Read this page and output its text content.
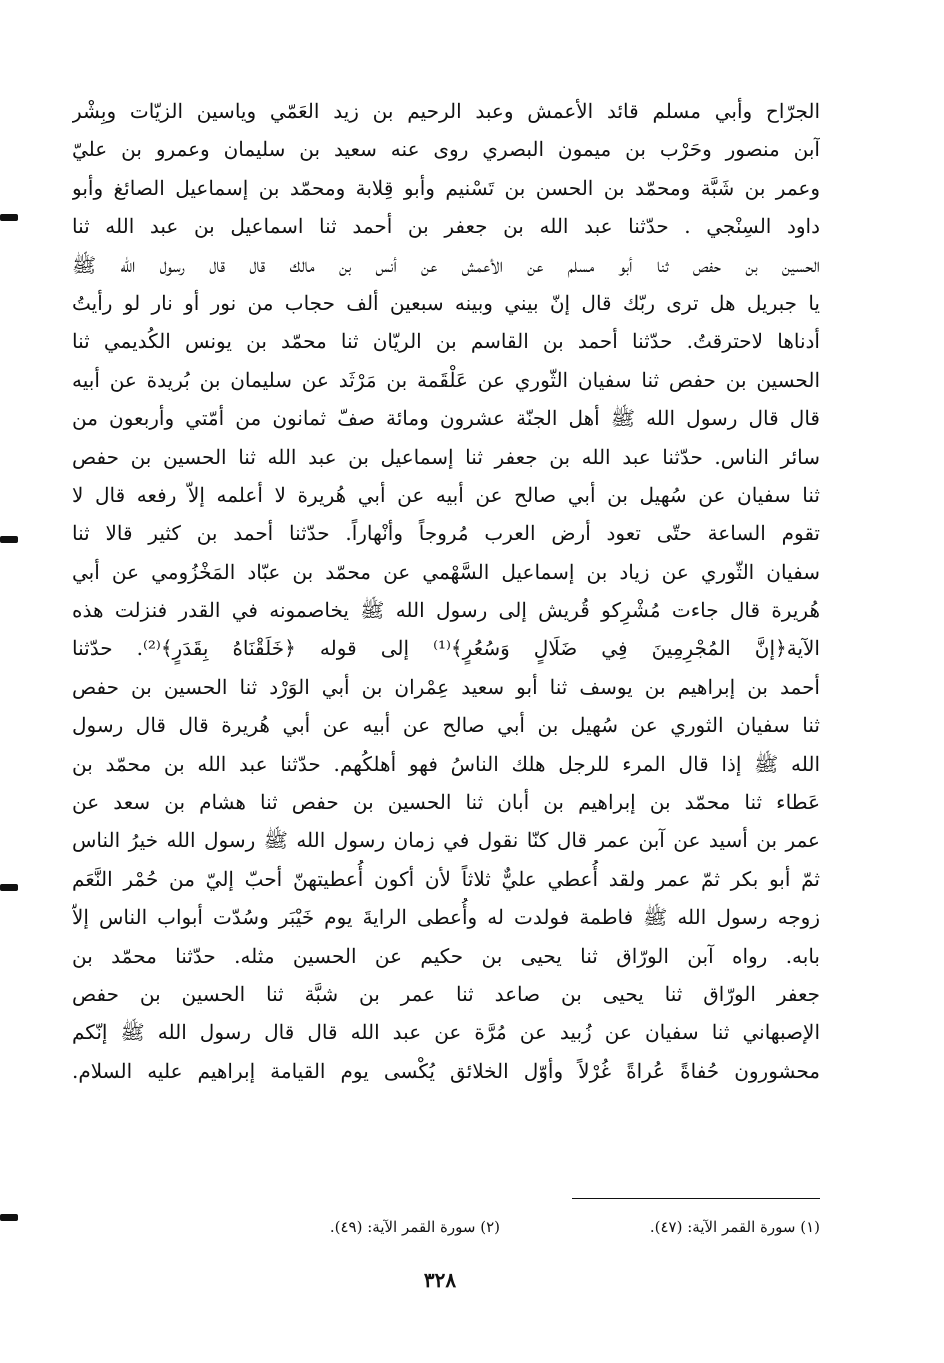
الجرّاح وأبي مسلم قائد الأعمش وعبد الرحيم بن زيد العَمّي وياسين الزيّات وبِشْر
آبن منصور وحَرْب بن ميمون البصري روى عنه سعيد بن سليمان وعمرو بن عليّ
وعمر بن شَبَّة ومحمّد بن الحسن بن تَسْنيم وأبو قِلابة ومحمّد بن إسماعيل الصائغ وأبو
داود السِنْجي . حدّثنا عبد الله بن جعفر بن أحمد ثنا اسماعيل بن عبد الله ثنا
الحسين بن حفص ثنا أبو مسلم عن الأعمش عن أنس بن مالك قال قال رسول الله ﷺ
يا جبريل هل ترى ربّك قال إنّ بيني وبينه سبعين ألف حجاب من نور أو نار لو رأيتُ
أدناها لاحترقتُ. حدّثنا أحمد بن القاسم بن الريّان ثنا محمّد بن يونس الكُديمي ثنا
الحسين بن حفص ثنا سفيان الثّوري عن عَلْقَمة بن مَرْثَد عن سليمان بن بُريدة عن أبيه
قال قال رسول الله ﷺ أهل الجنّة عشرون ومائة صفّ ثمانون من أمّتي وأربعون من
سائر الناس. حدّثنا عبد الله بن جعفر ثنا إسماعيل بن عبد الله ثنا الحسين بن حفص
ثنا سفيان عن سُهيل بن أبي صالح عن أبيه عن أبي هُريرة لا أعلمه إلاّ رفعه قال لا
تقوم الساعة حتّى تعود أرض العرب مُروجاً وأنْهاراً. حدّثنا أحمد بن كثير قالا ثنا
سفيان الثّوري عن زياد بن إسماعيل السَّهْمي عن محمّد بن عبّاد المَخْزُومي عن أبي
هُريرة قال جاءت مُشْرِكو قُريش إلى رسول الله ﷺ يخاصمونه في القدر فنزلت هذه
الآية﴿إنَّ المُجْرِمِينَ فِي ضَلَالٍ وَسُعُرٍ﴾⁽¹⁾ إلى قوله ﴿خَلَقْنَاهُ بِقَدَرٍ﴾⁽²⁾. حدّثنا
أحمد بن إبراهيم بن يوسف ثنا أبو سعيد عِمْران بن أبي الوَرْد ثنا الحسين بن حفص
ثنا سفيان الثوري عن سُهيل بن أبي صالح عن أبيه عن أبي هُريرة قال قال رسول
الله ﷺ إذا قال المرء للرجل هلك الناسُ فهو أهلكُهم. حدّثنا عبد الله بن محمّد بن
عَطاء ثنا محمّد بن إبراهيم بن أبان ثنا الحسين بن حفص ثنا هشام بن سعد عن
عمر بن أسيد عن آبن عمر قال كنّا نقول في زمان رسول الله ﷺ رسول الله خيرُ الناس
ثمّ أبو بكر ثمّ عمر ولقد أُعطي عليٌّ ثلاثاً لأن أكون أُعطيتهنّ أحبّ إليّ من حُمْر النَّعَم
زوجه رسول الله ﷺ فاطمة فولدت له وأُعطى الرايةَ يوم خَيْبَر وسُدّت أبواب الناس إلاّ
بابه. رواه آبن الورّاق ثنا يحيى بن حكيم عن الحسين مثله. حدّثنا محمّد بن
جعفر الورّاق ثنا يحيى بن صاعد ثنا عمر بن شبَّة ثنا الحسين بن حفص
الإصبهاني ثنا سفيان عن زُبيد عن مُرَّة عن عبد الله قال قال رسول الله ﷺ إنّكم
محشورون حُفاةً عُراةً غُرْلاً وأوّل الخلائق يُكْسى يوم القيامة إبراهيم عليه السلام.
(١) سورة القمر الآية: (٤٧).
(٢) سورة القمر الآية: (٤٩).
٣٢٨
